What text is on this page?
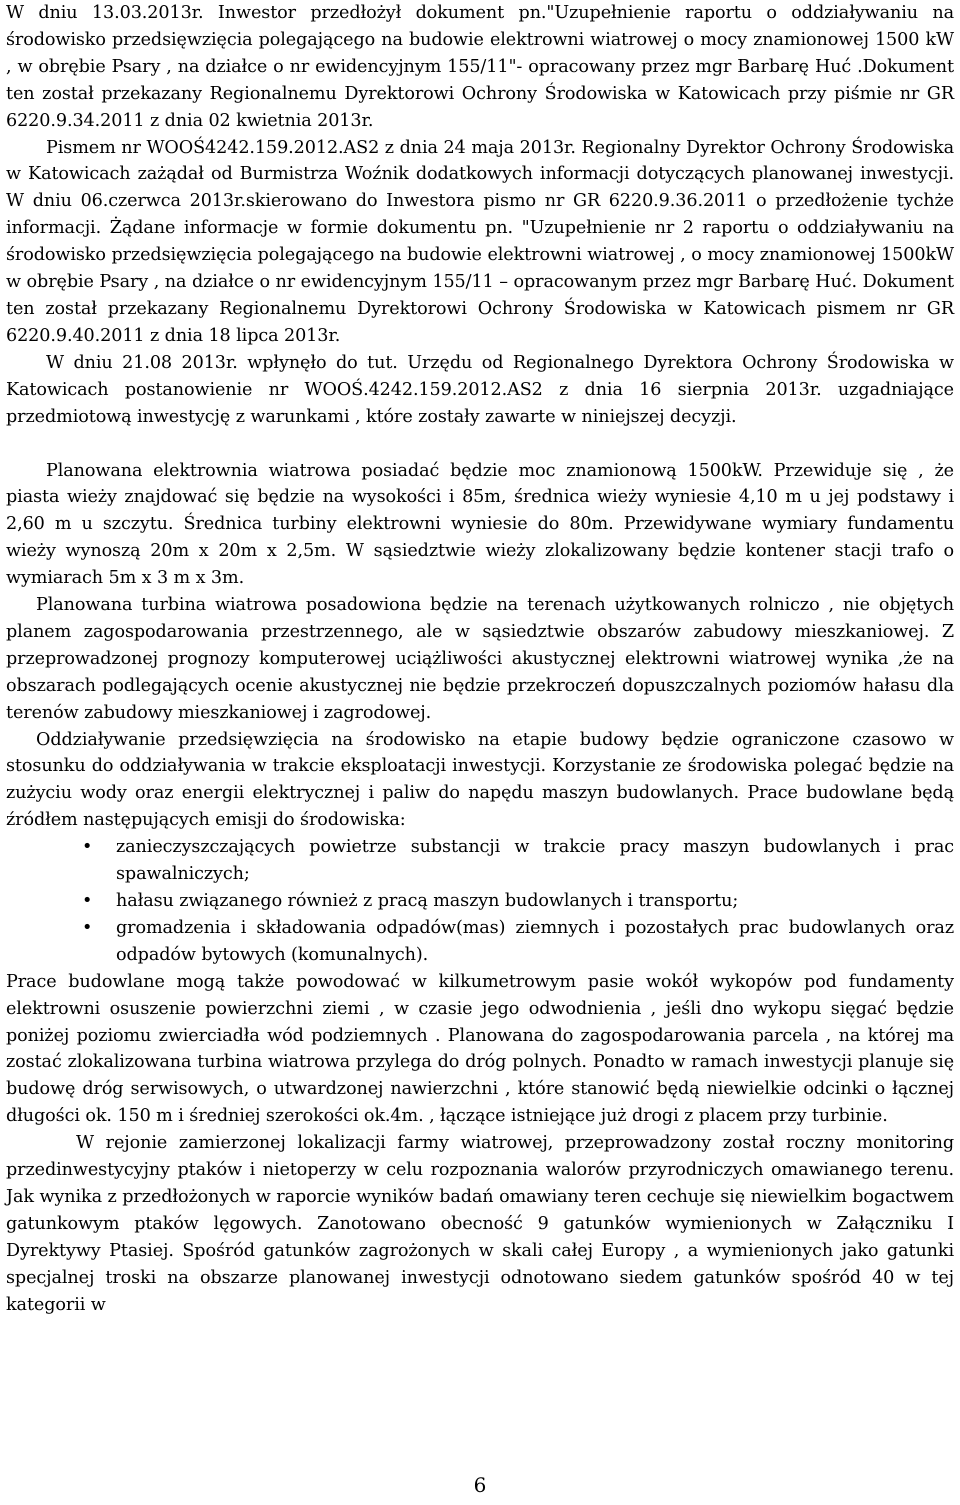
W dniu 13.03.2013r. Inwestor przedłożył dokument pn."Uzupełnienie raportu o oddziaływaniu na środowisko przedsięwzięcia polegającego na budowie elektrowni wiatrowej o mocy znamionowej 1500 kW , w obrębie Psary , na działce o nr ewidencyjnym 155/11"- opracowany przez mgr Barbarę Huć .Dokument ten został przekazany Regionalnemu Dyrektorowi Ochrony Środowiska w Katowicach przy piśmie nr GR 6220.9.34.2011 z dnia 02 kwietnia 2013r.

Pismem nr WOOŚ4242.159.2012.AS2 z dnia 24 maja 2013r. Regionalny Dyrektor Ochrony Środowiska w Katowicach zażądał od Burmistrza Woźnik dodatkowych informacji dotyczących planowanej inwestycji. W dniu 06.czerwca 2013r.skierowano do Inwestora pismo nr GR 6220.9.36.2011 o przedłożenie tychże informacji. Żądane informacje w formie dokumentu pn. "Uzupełnienie nr 2 raportu o oddziaływaniu na środowisko przedsięwzięcia polegającego na budowie elektrowni wiatrowej , o mocy znamionowej 1500kW w obrębie Psary , na działce o nr ewidencyjnym 155/11 – opracowanym przez mgr Barbarę Huć. Dokument ten został przekazany Regionalnemu Dyrektorowi Ochrony Środowiska w Katowicach pismem nr GR 6220.9.40.2011 z dnia 18 lipca 2013r.

W dniu 21.08 2013r. wpłynęło do tut. Urzędu od Regionalnego Dyrektora Ochrony Środowiska w Katowicach postanowienie nr WOOŚ.4242.159.2012.AS2 z dnia 16 sierpnia 2013r. uzgadniające przedmiotową inwestycję z warunkami , które zostały zawarte w niniejszej decyzji.

Planowana elektrownia wiatrowa posiadać będzie moc znamionową 1500kW. Przewiduje się , że piasta wieży znajdować się będzie na wysokości i 85m, średnica wieży wyniesie 4,10 m u jej podstawy i 2,60 m u szczytu. Średnica turbiny elektrowni wyniesie do 80m. Przewidywane wymiary fundamentu wieży wynoszą 20m x 20m x 2,5m. W sąsiedztwie wieży zlokalizowany będzie kontener stacji trafo o wymiarach 5m x 3 m x 3m.

Planowana turbina wiatrowa posadowiona będzie na terenach użytkowanych rolniczo , nie objętych planem zagospodarowania przestrzennego, ale w sąsiedztwie obszarów zabudowy mieszkaniowej. Z przeprowadzonej prognozy komputerowej uciążliwości akustycznej elektrowni wiatrowej wynika ,że na obszarach podlegających ocenie akustycznej nie będzie przekroczeń dopuszczalnych poziomów hałasu dla terenów zabudowy mieszkaniowej i zagrodowej.

Oddziaływanie przedsięwzięcia na środowisko na etapie budowy będzie ograniczone czasowo w stosunku do oddziaływania w trakcie eksploatacji inwestycji. Korzystanie ze środowiska polegać będzie na zużyciu wody oraz energii elektrycznej i paliw do napędu maszyn budowlanych. Prace budowlane będą źródłem następujących emisji do środowiska:

• zanieczyszczających powietrze substancji w trakcie pracy maszyn budowlanych i prac spawalniczych;
• hałasu związanego również z pracą maszyn budowlanych i transportu;
• gromadzenia i składowania odpadów(mas) ziemnych i pozostałych prac budowlanych oraz odpadów bytowych (komunalnych).

Prace budowlane mogą także powodować w kilkumetrowym pasie wokół wykopów pod fundamenty elektrowni osuszenie powierzchni ziemi , w czasie jego odwodnienia , jeśli dno wykopu sięgać będzie poniżej poziomu zwierciadła wód podziemnych . Planowana do zagospodarowania parcela , na której ma zostać zlokalizowana turbina wiatrowa przylega do dróg polnych. Ponadto w ramach inwestycji planuje się budowę dróg serwisowych, o utwardzonej nawierzchni , które stanowić będą niewielkie odcinki o łącznej długości ok. 150 m i średniej szerokości ok.4m. , łączące istniejące już drogi z placem przy turbinie.

W rejonie zamierzonej lokalizacji farmy wiatrowej, przeprowadzony został roczny monitoring przedinwestycyjny ptaków i nietoperzy w celu rozpoznania walorów przyrodniczych omawianego terenu. Jak wynika z przedłożonych w raporcie wyników badań omawiany teren cechuje się niewielkim bogactwem gatunkowym ptaków lęgowych. Zanotowano obecność 9 gatunków wymienionych w Załączniku I Dyrektywy Ptasiej. Spośród gatunków zagrożonych w skali całej Europy , a wymienionych jako gatunki specjalnej troski na obszarze planowanej inwestycji odnotowano siedem gatunków spośród 40 w tej kategorii w

6
